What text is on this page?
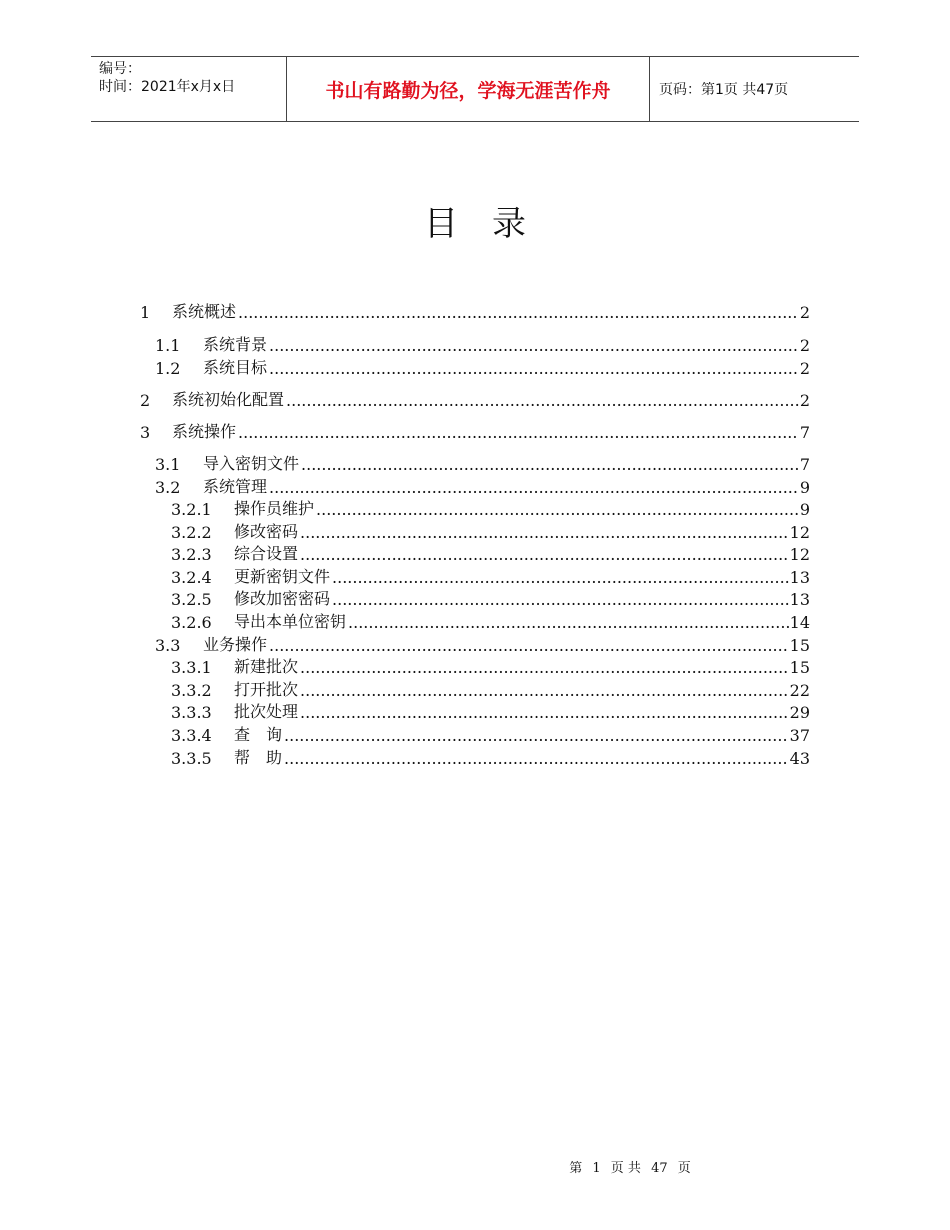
编号：
时间：2021年x月x日	书山有路勤为径，学海无涯苦作舟	页码：第1页 共47页
目录
1	系统概述 .....	2
1.1	系统背景 .....	2
1.2	系统目标 .....	2
2	系统初始化配置 .....	2
3	系统操作 .....	7
3.1	导入密钥文件 .....	7
3.2	系统管理 .....	9
3.2.1	操作员维护 .....	9
3.2.2	修改密码 .....	12
3.2.3	综合设置 .....	12
3.2.4	更新密钥文件 .....	13
3.2.5	修改加密密码 .....	13
3.2.6	导出本单位密钥 .....	14
3.3	业务操作 .....	15
3.3.1	新建批次 .....	15
3.3.2	打开批次 .....	22
3.3.3	批次处理 .....	29
3.3.4	查　询 .....	37
3.3.5	帮　助 .....	43
第 1 页 共 47 页
